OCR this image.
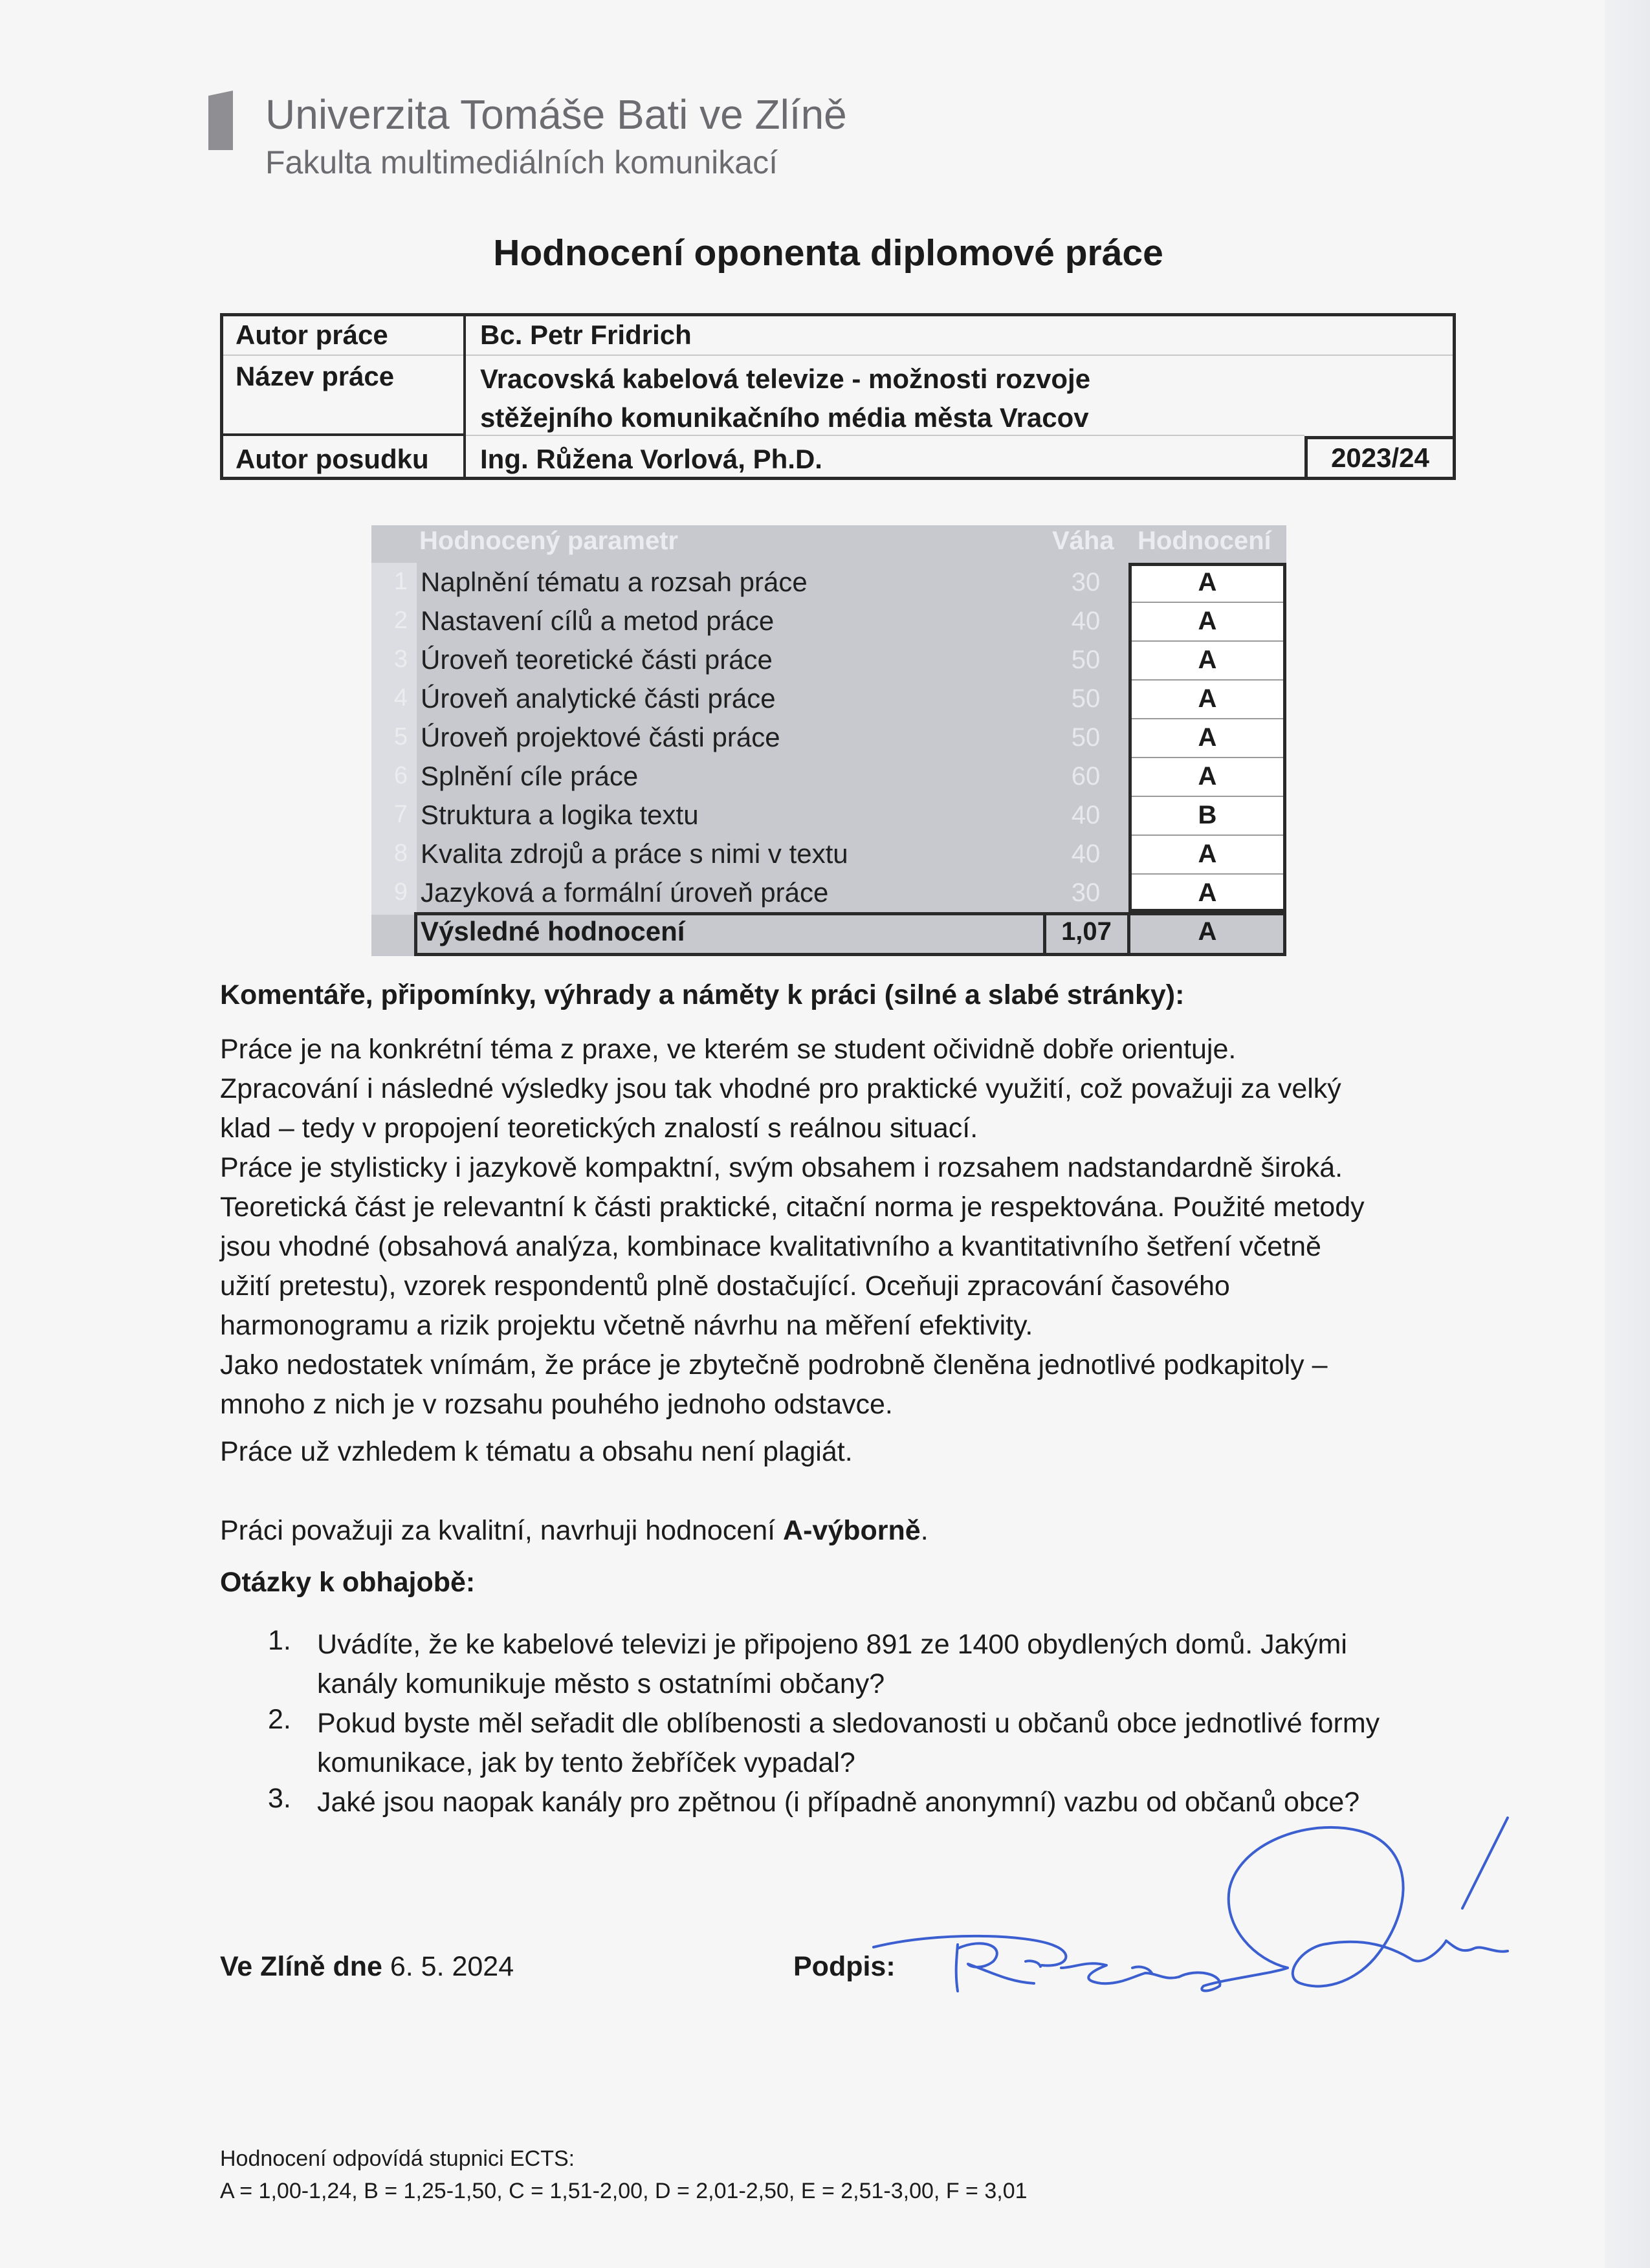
Univerzita Tomáše Bati ve Zlíně
Fakulta multimediálních komunikací
Hodnocení oponenta diplomové práce
Autor práce	Bc. Petr Fridrich
Název práce	Vracovská kabelová televize - možnosti rozvoje
stěžejního komunikačního média města Vracov
Autor posudku Ing. Růžena Vorlová, Ph.D.	2023/24
Hodnocený parametr	Váha Hodnocení
1 Naplnění tématu a rozsah práce	30	A
2 Nastavení cílů a metod práce	40	A
3 Úroveň teoretické části práce	50	A
4 Úroveň analytické části práce	50	A
5 Úroveň projektové části práce	50	A
6 Splnění cíle práce	60	A
7 Struktura a logika textu	40	B
8 Kvalita zdrojů a práce s nimi v textu	40	A
9 Jazyková a formální úroveň práce	30	A
Výsledné hodnocení	1,07	A
Komentáře, připomínky, výhrady a náměty k práci (silné a slabé stránky):
Práce je na konkrétní téma z praxe, ve kterém se student očividně dobře orientuje.
Zpracování i následné výsledky jsou tak vhodné pro praktické využití, což považuji za velký
klad – tedy v propojení teoretických znalostí s reálnou situací.
Práce je stylisticky i jazykově kompaktní, svým obsahem i rozsahem nadstandardně široká.
Teoretická část je relevantní k části praktické, citační norma je respektována. Použité metody
jsou vhodné (obsahová analýza, kombinace kvalitativního a kvantitativního šetření včetně
užití pretestu), vzorek respondentů plně dostačující. Oceňuji zpracování časového
harmonogramu a rizik projektu včetně návrhu na měření efektivity.
Jako nedostatek vnímám, že práce je zbytečně podrobně členěna jednotlivé podkapitoly –
mnoho z nich je v rozsahu pouhého jednoho odstavce.
Práce už vzhledem k tématu a obsahu není plagiát.
Práci považuji za kvalitní, navrhuji hodnocení A-výborně.
Otázky k obhajobě:
1. Uvádíte, že ke kabelové televizi je připojeno 891 ze 1400 obydlených domů. Jakými
kanály komunikuje město s ostatními občany?
2. Pokud byste měl seřadit dle oblíbenosti a sledovanosti u občanů obce jednotlivé formy
komunikace, jak by tento žebříček vypadal?
3. Jaké jsou naopak kanály pro zpětnou (i případně anonymní) vazbu od občanů obce?
Ve Zlíně dne 6. 5. 2024	Podpis:
Hodnocení odpovídá stupnici ECTS:
A = 1,00-1,24, B = 1,25-1,50, C = 1,51-2,00, D = 2,01-2,50, E = 2,51-3,00, F = 3,01
